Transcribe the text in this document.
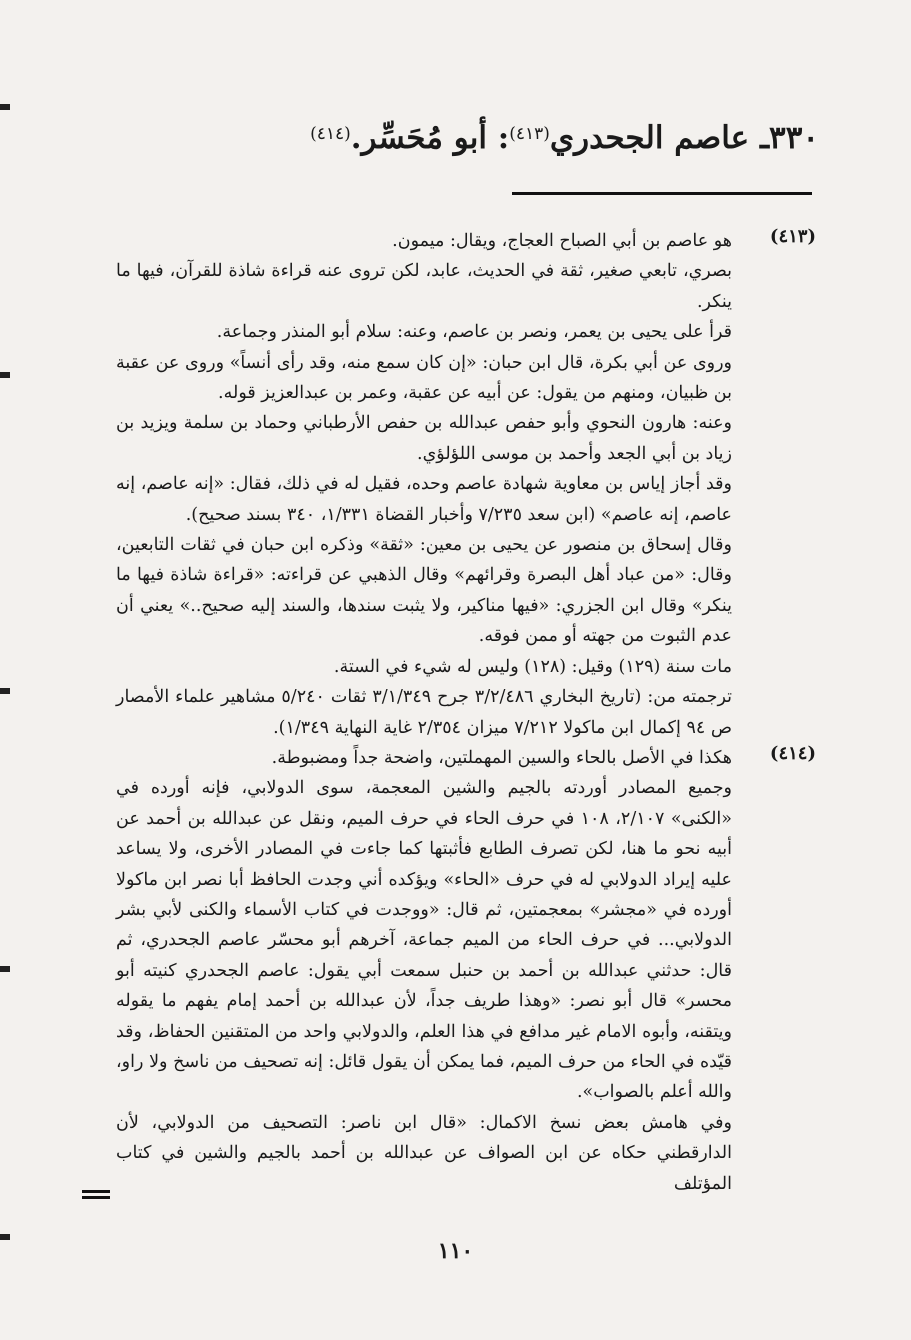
٣٣٠ـ عاصم الجحدري$^{(٤١٣)}$: أبو مُحَسِّر.$^{(٤١٤)}$
(٤١٣)

هو عاصم بن أبي الصباح العجاج، ويقال: ميمون.

بصري، تابعي صغير، ثقة في الحديث، عابد، لكن تروى عنه قراءة شاذة للقرآن، فيها ما ينكر.

قرأ على يحيى بن يعمر، ونصر بن عاصم، وعنه: سلام أبو المنذر وجماعة.

وروى عن أبي بكرة، قال ابن حبان: «إن كان سمع منه، وقد رأى أنساً» وروى عن عقبة بن ظبيان، ومنهم من يقول: عن أبيه عن عقبة، وعمر بن عبدالعزيز قوله.

وعنه: هارون النحوي وأبو حفص عبدالله بن حفص الأرطباني وحماد بن سلمة ويزيد بن زياد بن أبي الجعد وأحمد بن موسى اللؤلؤي.

وقد أجاز إياس بن معاوية شهادة عاصم وحده، فقيل له في ذلك، فقال: «إنه عاصم، إنه عاصم، إنه عاصم» (ابن سعد ٧/٢٣٥ وأخبار القضاة ١/٣٣١، ٣٤٠ بسند صحيح).

وقال إسحاق بن منصور عن يحيى بن معين: «ثقة» وذكره ابن حبان في ثقات التابعين، وقال: «من عباد أهل البصرة وقرائهم» وقال الذهبي عن قراءته: «قراءة شاذة فيها ما ينكر» وقال ابن الجزري: «فيها مناكير، ولا يثبت سندها، والسند إليه صحيح..» يعني أن عدم الثبوت من جهته أو ممن فوقه.

مات سنة (١٢٩) وقيل: (١٢٨) وليس له شيء في الستة.

ترجمته من: (تاريخ البخاري ٣/٢/٤٨٦ جرح ٣/١/٣٤٩ ثقات ٥/٢٤٠ مشاهير علماء الأمصار ص ٩٤ إكمال ابن ماكولا ٧/٢١٢ ميزان ٢/٣٥٤ غاية النهاية ١/٣٤٩).

(٤١٤)

هكذا في الأصل بالحاء والسين المهملتين، واضحة جداً ومضبوطة.

وجميع المصادر أوردته بالجيم والشين المعجمة، سوى الدولابي، فإنه أورده في «الكنى» ٢/١٠٧، ١٠٨ في حرف الحاء في حرف الميم، ونقل عن عبدالله بن أحمد عن أبيه نحو ما هنا، لكن تصرف الطابع فأثبتها كما جاءت في المصادر الأخرى، ولا يساعد عليه إيراد الدولابي له في حرف «الحاء» ويؤكده أني وجدت الحافظ أبا نصر ابن ماكولا أورده في «مجشر» بمعجمتين، ثم قال: «ووجدت في كتاب الأسماء والكنى لأبي بشر الدولابي... في حرف الحاء من الميم جماعة، آخرهم أبو محسّر عاصم الجحدري، ثم قال: حدثني عبدالله بن أحمد بن حنبل سمعت أبي يقول: عاصم الجحدري كنيته أبو محسر» قال أبو نصر: «وهذا طريف جداً، لأن عبدالله بن أحمد إمام يفهم ما يقوله ويتقنه، وأبوه الامام غير مدافع في هذا العلم، والدولابي واحد من المتقنين الحفاظ، وقد قيّده في الحاء من حرف الميم، فما يمكن أن يقول قائل: إنه تصحيف من ناسخ ولا راو، والله أعلم بالصواب».

وفي هامش بعض نسخ الاكمال: «قال ابن ناصر: التصحيف من الدولابي، لأن الدارقطني حكاه عن ابن الصواف عن عبدالله بن أحمد بالجيم والشين في كتاب المؤتلف

١١٠
